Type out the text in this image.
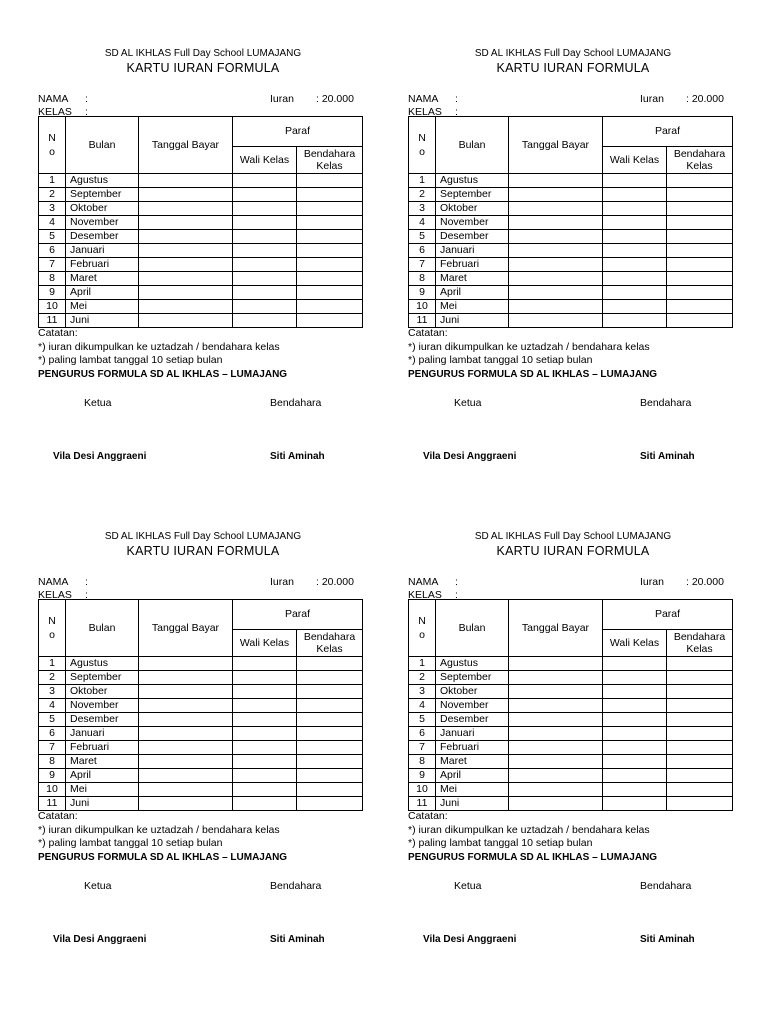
SD AL IKHLAS Full Day School LUMAJANG
KARTU IURAN FORMULA
NAMA :	Iuran : 20.000
KELAS :
N o	Bulan	Tanggal Bayar	Paraf	
			Wali Kelas	Bendahara Kelas
1	Agustus			
2	September			
3	Oktober			
4	November			
5	Desember			
6	Januari			
7	Februari			
8	Maret			
9	April			
10	Mei			
11	Juni			
Catatan:
*) iuran dikumpulkan ke uztadzah / bendahara kelas
*) paling lambat tanggal 10 setiap bulan
PENGURUS FORMULA SD AL IKHLAS – LUMAJANG
Ketua	Bendahara
Vila Desi Anggraeni	Siti Aminah
SD AL IKHLAS Full Day School LUMAJANG
KARTU IURAN FORMULA
NAMA :	Iuran : 20.000
KELAS :
N o	Bulan	Tanggal Bayar	Paraf	
			Wali Kelas	Bendahara Kelas
1	Agustus			
2	September			
3	Oktober			
4	November			
5	Desember			
6	Januari			
7	Februari			
8	Maret			
9	April			
10	Mei			
11	Juni			
Catatan:
*) iuran dikumpulkan ke uztadzah / bendahara kelas
*) paling lambat tanggal 10 setiap bulan
PENGURUS FORMULA SD AL IKHLAS – LUMAJANG
Ketua	Bendahara
Vila Desi Anggraeni	Siti Aminah
SD AL IKHLAS Full Day School LUMAJANG
KARTU IURAN FORMULA
NAMA :	Iuran : 20.000
KELAS :
N o	Bulan	Tanggal Bayar	Paraf	
			Wali Kelas	Bendahara Kelas
1	Agustus			
2	September			
3	Oktober			
4	November			
5	Desember			
6	Januari			
7	Februari			
8	Maret			
9	April			
10	Mei			
11	Juni			
Catatan:
*) iuran dikumpulkan ke uztadzah / bendahara kelas
*) paling lambat tanggal 10 setiap bulan
PENGURUS FORMULA SD AL IKHLAS – LUMAJANG
Ketua	Bendahara
Vila Desi Anggraeni	Siti Aminah
SD AL IKHLAS Full Day School LUMAJANG
KARTU IURAN FORMULA
NAMA :	Iuran : 20.000
KELAS :
N o	Bulan	Tanggal Bayar	Paraf	
			Wali Kelas	Bendahara Kelas
1	Agustus			
2	September			
3	Oktober			
4	November			
5	Desember			
6	Januari			
7	Februari			
8	Maret			
9	April			
10	Mei			
11	Juni			
Catatan:
*) iuran dikumpulkan ke uztadzah / bendahara kelas
*) paling lambat tanggal 10 setiap bulan
PENGURUS FORMULA SD AL IKHLAS – LUMAJANG
Ketua	Bendahara
Vila Desi Anggraeni	Siti Aminah
